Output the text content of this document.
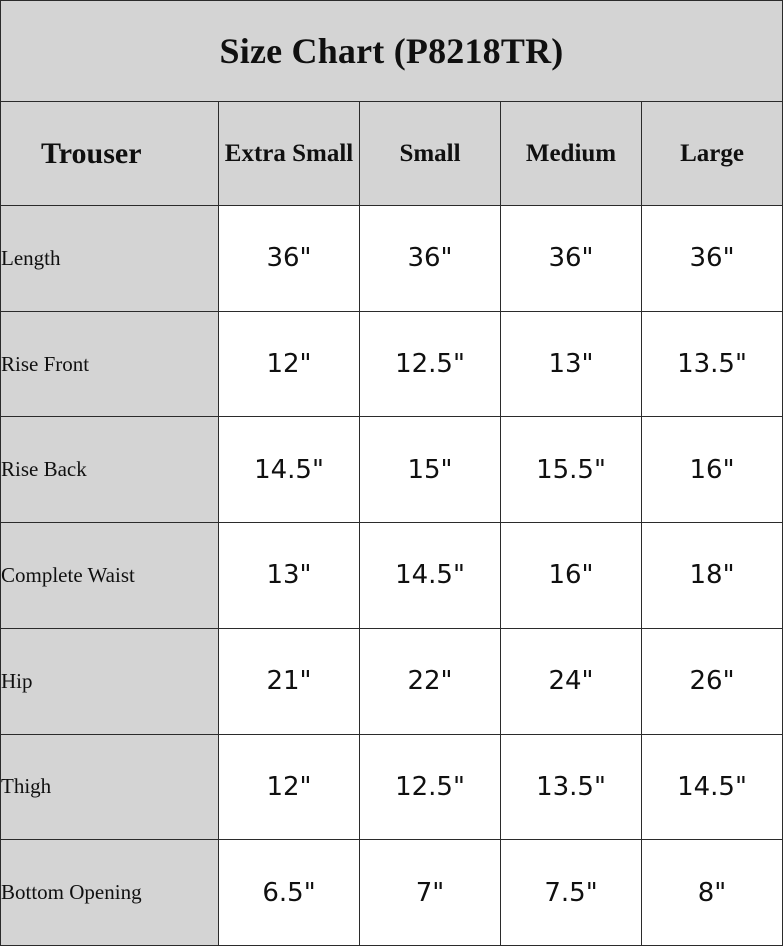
Size Chart (P8218TR)				
Trouser	Extra Small	Small	Medium	Large
Length	36"	36"	36"	36"
Rise Front	12"	12.5"	13"	13.5"
Rise Back	14.5"	15"	15.5"	16"
Complete Waist	13"	14.5"	16"	18"
Hip	21"	22"	24"	26"
Thigh	12"	12.5"	13.5"	14.5"
Bottom Opening	6.5"	7"	7.5"	8"
